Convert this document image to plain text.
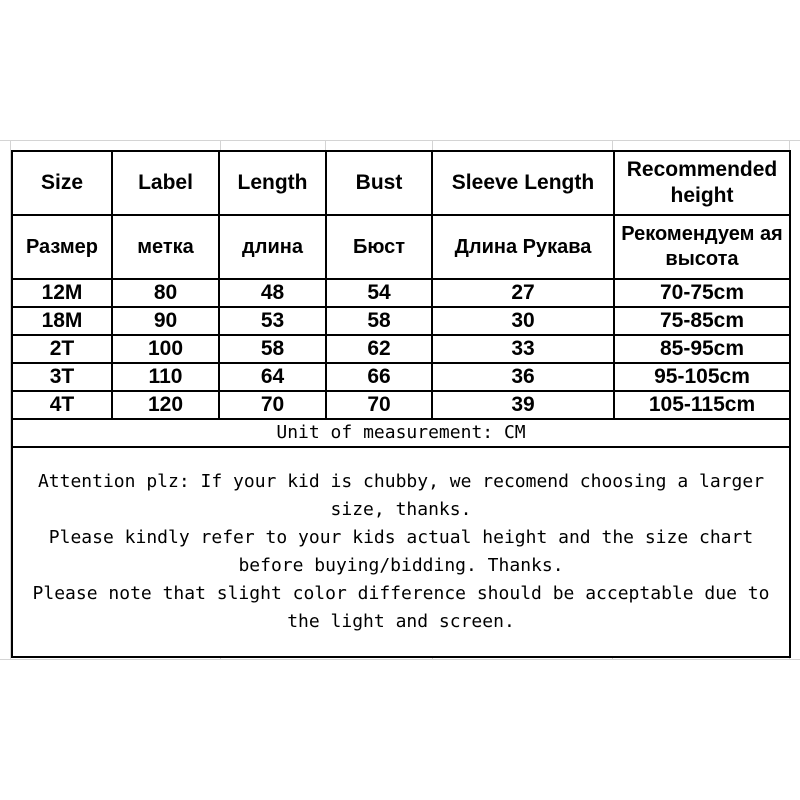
Size	Label	Length	Bust	Sleeve Length	Recommended height
Размер	метка	длина	Бюст	Длина Рукава	Рекомендуем ая высота
12M	80	48	54	27	70-75cm
18M	90	53	58	30	75-85cm
2T	100	58	62	33	85-95cm
3T	110	64	66	36	95-105cm
4T	120	70	70	39	105-115cm
Unit of measurement: CM					

Attention plz: If your kid is chubby, we recomend choosing a larger size, thanks.

Please kindly refer to your kids actual height and the size chart before buying/bidding. Thanks.

Please note that slight color difference should be acceptable due to the light and screen.					
